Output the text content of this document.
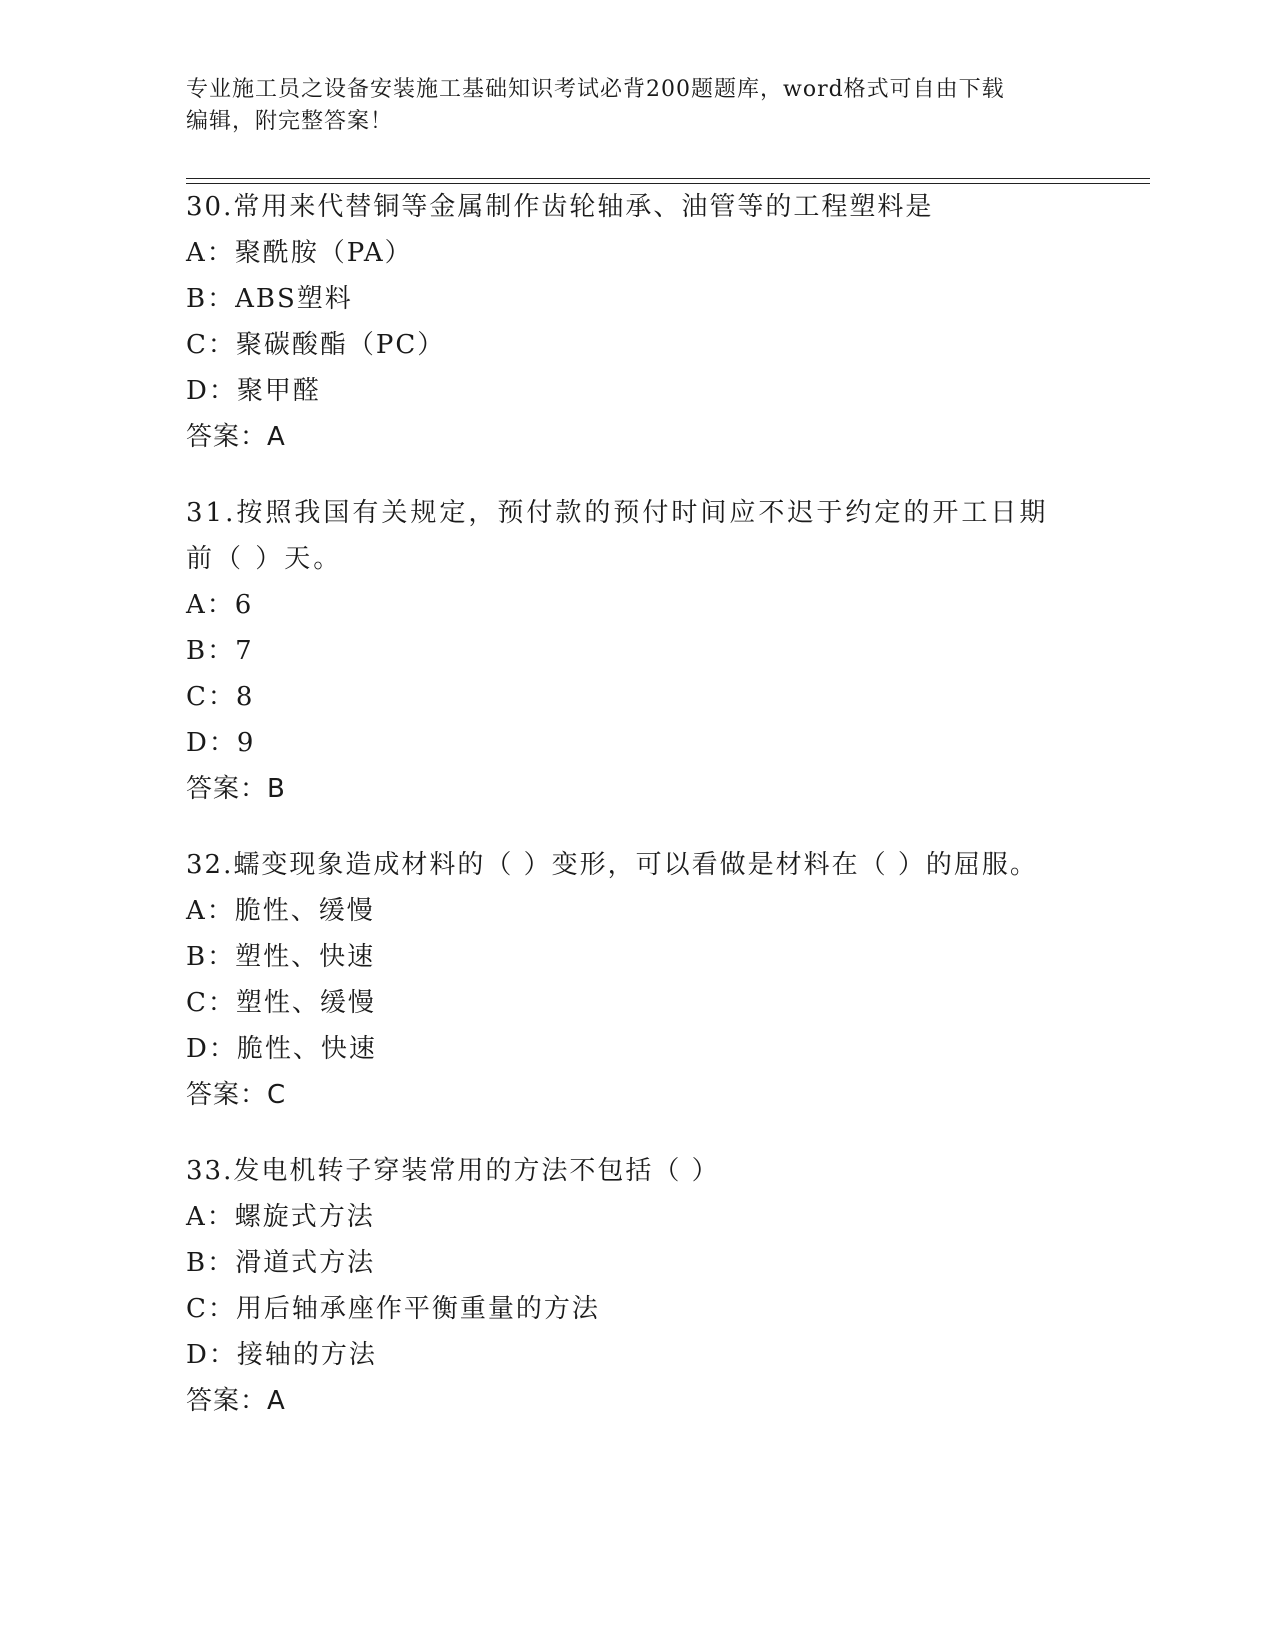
专业施工员之设备安装施工基础知识考试必背200题题库，word格式可自由下载
编辑，附完整答案！
30.常用来代替铜等金属制作齿轮轴承、油管等的工程塑料是
A：聚酰胺（PA）
B：ABS塑料
C：聚碳酸酯（PC）
D：聚甲醛
答案：A
31.按照我国有关规定，预付款的预付时间应不迟于约定的开工日期前（ ）天。
A：6
B：7
C：8
D：9
答案：B
32.蠕变现象造成材料的（ ）变形，可以看做是材料在（ ）的屈服。
A：脆性、缓慢
B：塑性、快速
C：塑性、缓慢
D：脆性、快速
答案：C
33.发电机转子穿装常用的方法不包括（ ）
A：螺旋式方法
B：滑道式方法
C：用后轴承座作平衡重量的方法
D：接轴的方法
答案：A
